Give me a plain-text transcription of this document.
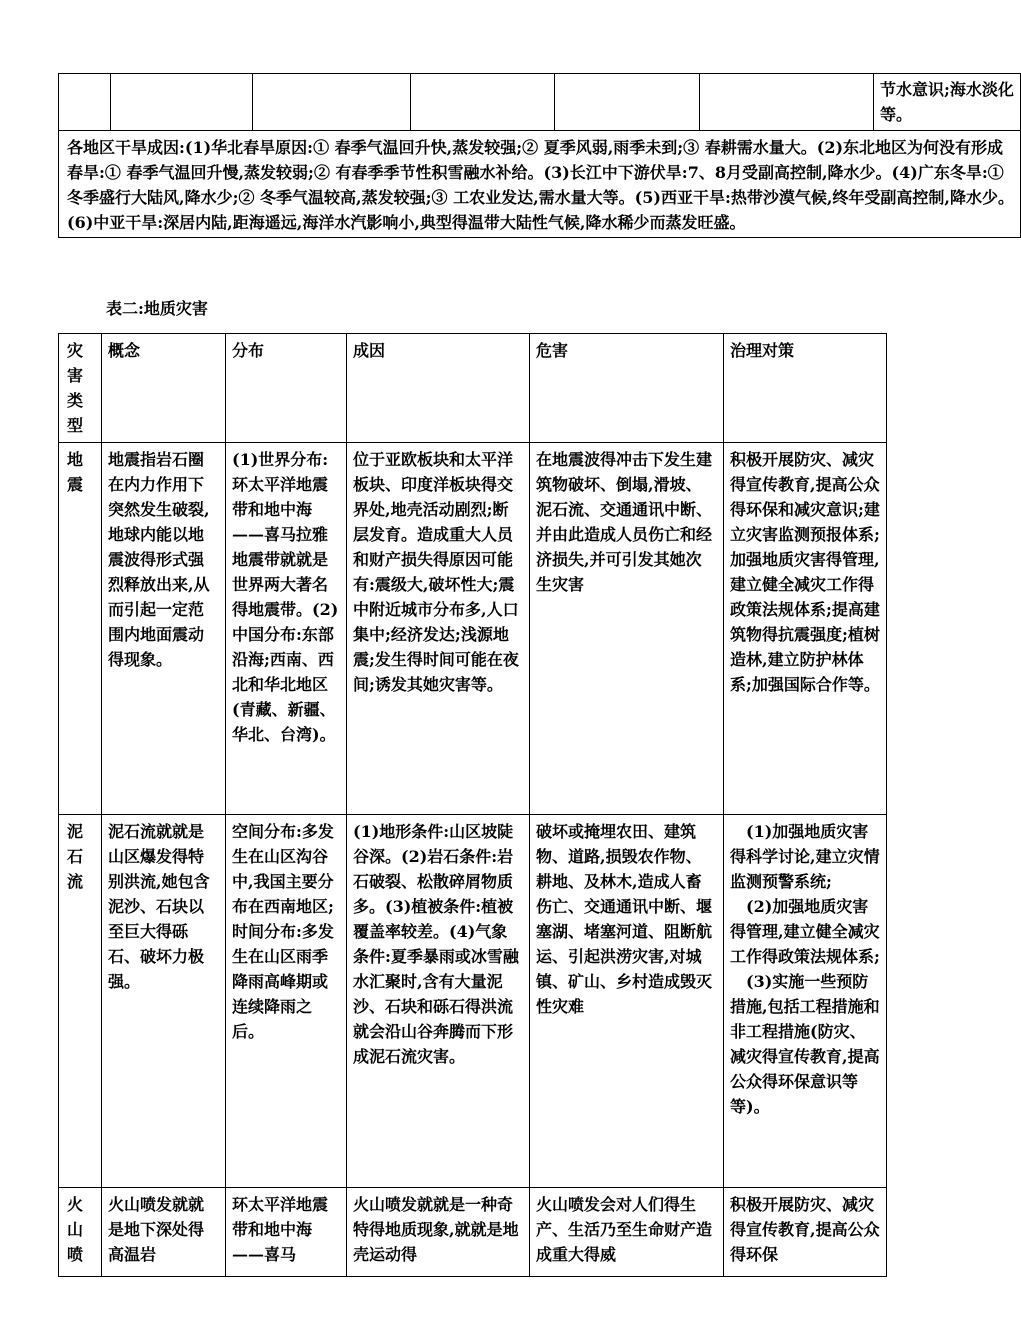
						节水意识;海水淡化等。
各地区干旱成因:(1)华北春旱原因:① 春季气温回升快,蒸发较强;② 夏季风弱,雨季未到;③ 春耕需水量大。(2)东北地区为何没有形成春旱:① 春季气温回升慢,蒸发较弱;② 有春季季节性积雪融水补给。(3)长江中下游伏旱:7、8月受副高控制,降水少。(4)广东冬旱:① 冬季盛行大陆风,降水少;② 冬季气温较高,蒸发较强;③ 工农业发达,需水量大等。(5)西亚干旱:热带沙漠气候,终年受副高控制,降水少。(6)中亚干旱:深居内陆,距海遥远,海洋水汽影响小,典型得温带大陆性气候,降水稀少而蒸发旺盛。
表二:地质灾害
灾害类型	概念	分布	成因	危害	治理对策
地震	地震指岩石圈在内力作用下突然发生破裂,地球内能以地震波得形式强烈释放出来,从而引起一定范围内地面震动得现象。	(1)世界分布:环太平洋地震带和地中海——喜马拉雅地震带就就是世界两大著名得地震带。(2)中国分布:东部沿海;西南、西北和华北地区(青藏、新疆、华北、台湾)。	位于亚欧板块和太平洋板块、印度洋板块得交界处,地壳活动剧烈;断层发育。造成重大人员和财产损失得原因可能有:震级大,破坏性大;震中附近城市分布多,人口集中;经济发达;浅源地震;发生得时间可能在夜间;诱发其她灾害等。	在地震波得冲击下发生建筑物破坏、倒塌,滑坡、泥石流、交通通讯中断、并由此造成人员伤亡和经济损失,并可引发其她次生灾害	积极开展防灾、减灾得宣传教育,提高公众得环保和减灾意识;建立灾害监测预报体系;加强地质灾害得管理,建立健全减灾工作得政策法规体系;提高建筑物得抗震强度;植树造林,建立防护林体系;加强国际合作等。
泥石流	泥石流就就是山区爆发得特别洪流,她包含泥沙、石块以至巨大得砾石、破坏力极强。	空间分布:多发生在山区沟谷中,我国主要分布在西南地区;时间分布:多发生在山区雨季降雨高峰期或连续降雨之后。	(1)地形条件:山区坡陡谷深。(2)岩石条件:岩石破裂、松散碎屑物质多。(3)植被条件:植被覆盖率较差。(4)气象条件:夏季暴雨或冰雪融水汇聚时,含有大量泥沙、石块和砾石得洪流就会沿山谷奔腾而下形成泥石流灾害。	破坏或掩埋农田、建筑物、道路,损毁农作物、耕地、及林木,造成人畜伤亡、交通通讯中断、堰塞湖、堵塞河道、阻断航运、引起洪涝灾害,对城镇、矿山、乡村造成毁灭性灾难	(1)加强地质灾害得科学讨论,建立灾情监测预警系统;

(2)加强地质灾害得管理,建立健全减灾工作得政策法规体系;

(3)实施一些预防措施,包括工程措施和非工程措施(防灾、减灾得宣传教育,提高公众得环保意识等等)。

火山喷	火山喷发就就是地下深处得高温岩	环太平洋地震带和地中海——喜马	火山喷发就就是一种奇特得地质现象,就就是地壳运动得	火山喷发会对人们得生产、生活乃至生命财产造成重大得威	积极开展防灾、减灾得宣传教育,提高公众得环保
